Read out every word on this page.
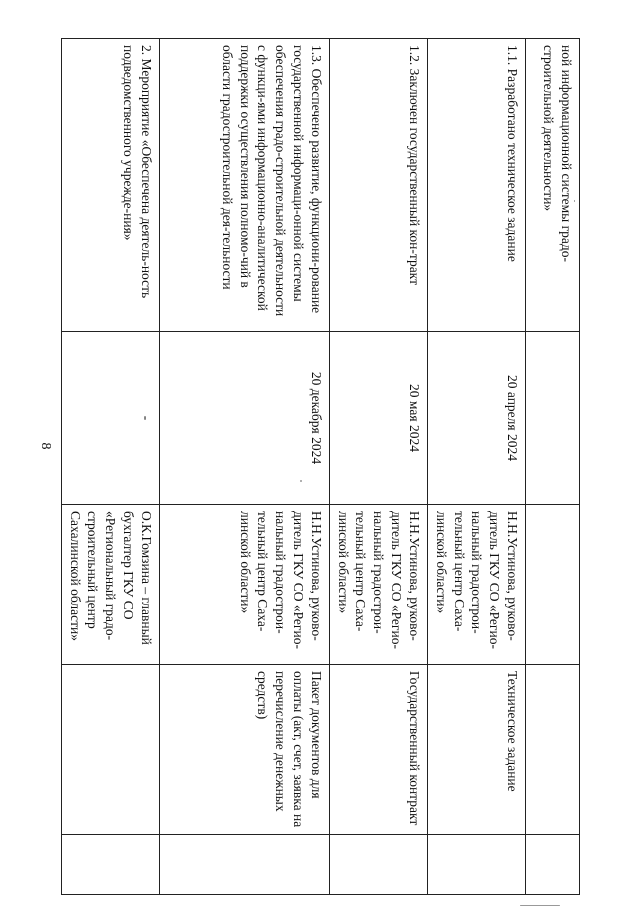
8
ной информационной системы градо-строительной деятельности»				
1.1. Разработано техническое задание	20 апреля 2024	Н.Н.Устинова, руково-дитель ГКУ СО «Регио-нальный градострои-тельный центр Саха-линской области»	Техническое задание	
1.2. Заключен государственный кон-тракт	20 мая 2024	Н.Н.Устинова, руково-дитель ГКУ СО «Регио-нальный градострои-тельный центр Саха-линской области»	Государственный контракт	
1.3. Обеспечено развитие, функциони-рование государственной информаци-онной системы обеспечения градо-строительной деятельности с функци-ями информационно-аналитической поддержки осуществления полномо-чий в области градостроительной дея-тельности	20 декабря 2024	Н.Н.Устинова, руково-дитель ГКУ СО «Регио-нальный градострои-тельный центр Саха-линской области»	Пакет документов для оплаты (акт, счет, заявка на перечисление денежных средств)	
2. Мероприятие «Обеспечена деятель-ность подведомственного учрежде-ния»	-	О.К.Гомзина – главный бухгалтер ГКУ СО «Региональный градо-строительный центр Сахалинской области»		
